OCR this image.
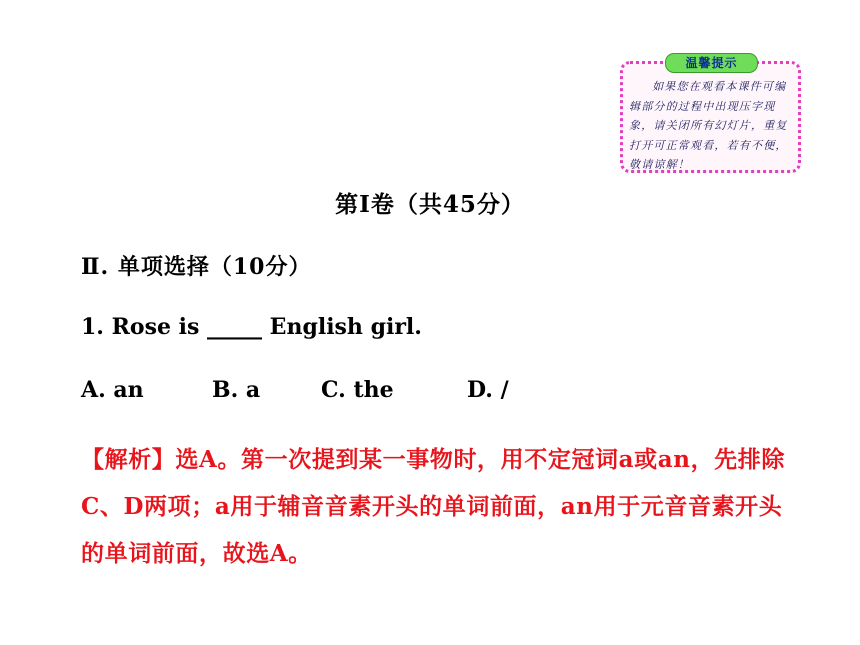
温馨提示
如果您在观看本课件可编辑部分的过程中出现压字现象，请关闭所有幻灯片，重复打开可正常观看，若有不便，敬请谅解！
第Ⅰ卷（共45分）
Ⅱ. 单项选择（10分）
1. Rose is _____ English girl.
A. an	B. a	C. the	D. /
【解析】选A。第一次提到某一事物时，用不定冠词a或an，先排除C、D两项；a用于辅音音素开头的单词前面，an用于元音音素开头的单词前面，故选A。
